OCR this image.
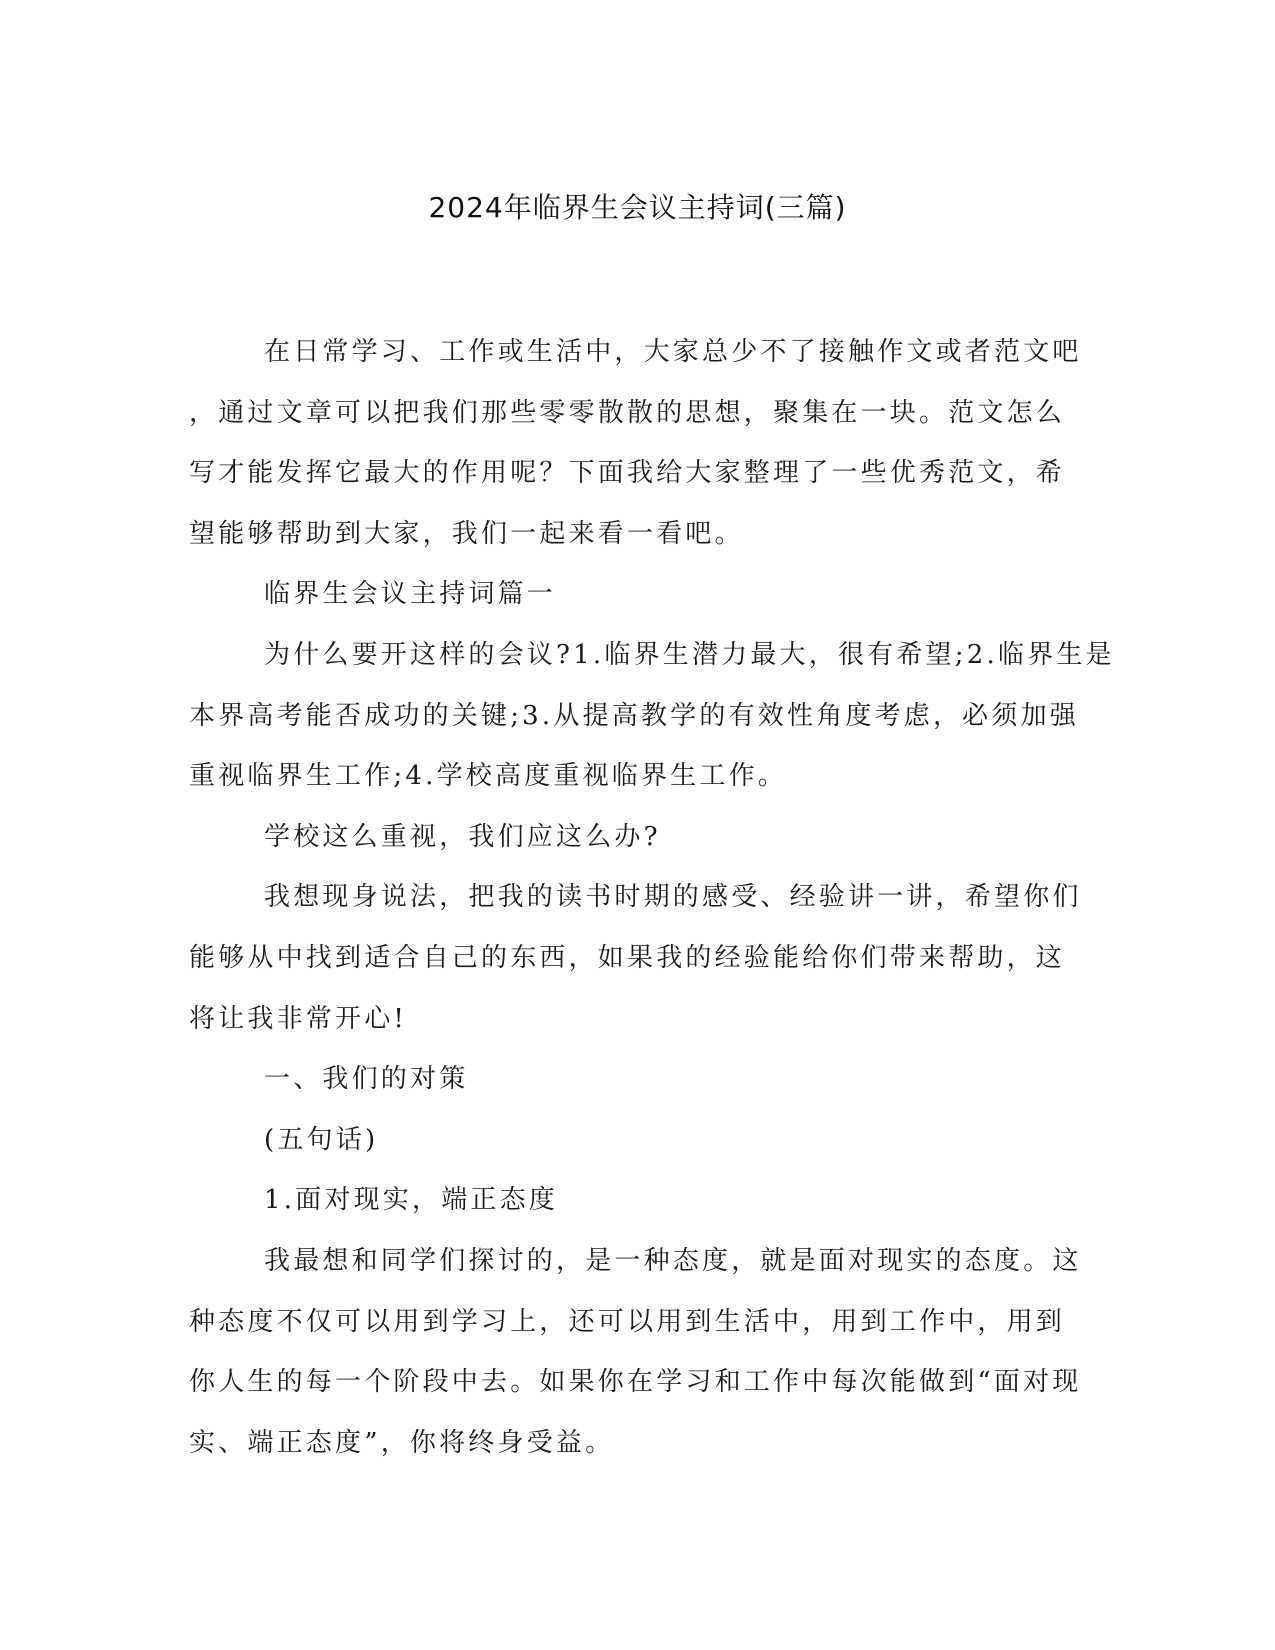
2024年临界生会议主持词(三篇)
在日常学习、工作或生活中，大家总少不了接触作文或者范文吧
，通过文章可以把我们那些零零散散的思想，聚集在一块。范文怎么
写才能发挥它最大的作用呢？下面我给大家整理了一些优秀范文，希
望能够帮助到大家，我们一起来看一看吧。
临界生会议主持词篇一
为什么要开这样的会议?1.临界生潜力最大，很有希望;2.临界生是
本界高考能否成功的关键;3.从提高教学的有效性角度考虑，必须加强
重视临界生工作;4.学校高度重视临界生工作。
学校这么重视，我们应这么办?
我想现身说法，把我的读书时期的感受、经验讲一讲，希望你们
能够从中找到适合自己的东西，如果我的经验能给你们带来帮助，这
将让我非常开心!
一、我们的对策
(五句话)
1.面对现实，端正态度
我最想和同学们探讨的，是一种态度，就是面对现实的态度。这
种态度不仅可以用到学习上，还可以用到生活中，用到工作中，用到
你人生的每一个阶段中去。如果你在学习和工作中每次能做到“面对现
实、端正态度”，你将终身受益。
